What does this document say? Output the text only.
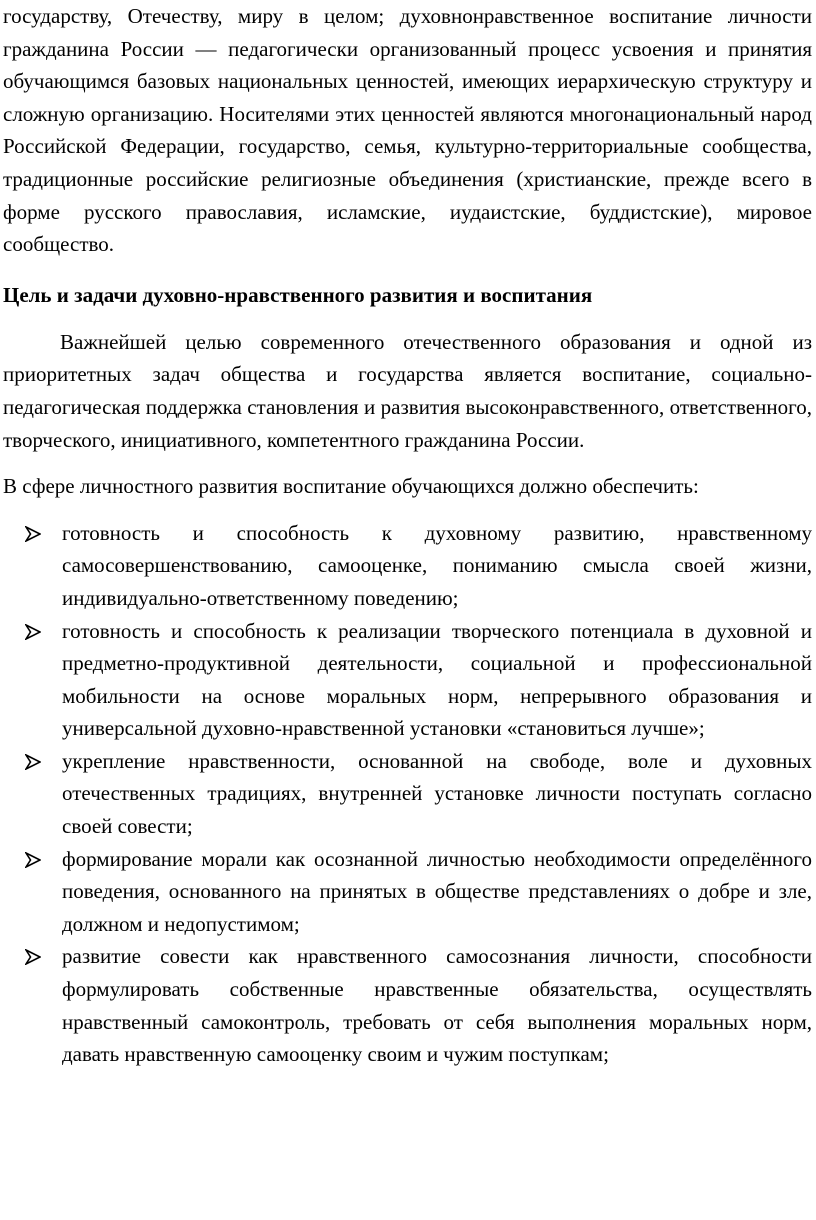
государству, Отечеству, миру в целом; духовнонравственное воспитание личности гражданина России — педагогически организованный процесс усвоения и принятия обучающимся базовых национальных ценностей, имеющих иерархическую структуру и сложную организацию. Носителями этих ценностей являются многонациональный народ Российской Федерации, государство, семья, культурно-территориальные сообщества, традиционные российские религиозные объединения (христианские, прежде всего в форме русского православия, исламские, иудаистские, буддистские), мировое сообщество.

Цель и задачи духовно-нравственного развития и воспитания

Важнейшей целью современного отечественного образования и одной из приоритетных задач общества и государства является воспитание, социально-педагогическая поддержка становления и развития высоконравственного, ответственного, творческого, инициативного, компетентного гражданина России.

В сфере личностного развития воспитание обучающихся должно обеспечить:

готовность и способность к духовному развитию, нравственному самосовершенствованию, самооценке, пониманию смысла своей жизни, индивидуально-ответственному поведению;
готовность и способность к реализации творческого потенциала в духовной и предметно-продуктивной деятельности, социальной и профессиональной мобильности на основе моральных норм, непрерывного образования и универсальной духовно-нравственной установки «становиться лучше»;
укрепление нравственности, основанной на свободе, воле и духовных отечественных традициях, внутренней установке личности поступать согласно своей совести;
формирование морали как осознанной личностью необходимости определённого поведения, основанного на принятых в обществе представлениях о добре и зле, должном и недопустимом;
развитие совести как нравственного самосознания личности, способности формулировать собственные нравственные обязательства, осуществлять нравственный самоконтроль, требовать от себя выполнения моральных норм, давать нравственную самооценку своим и чужим поступкам;
